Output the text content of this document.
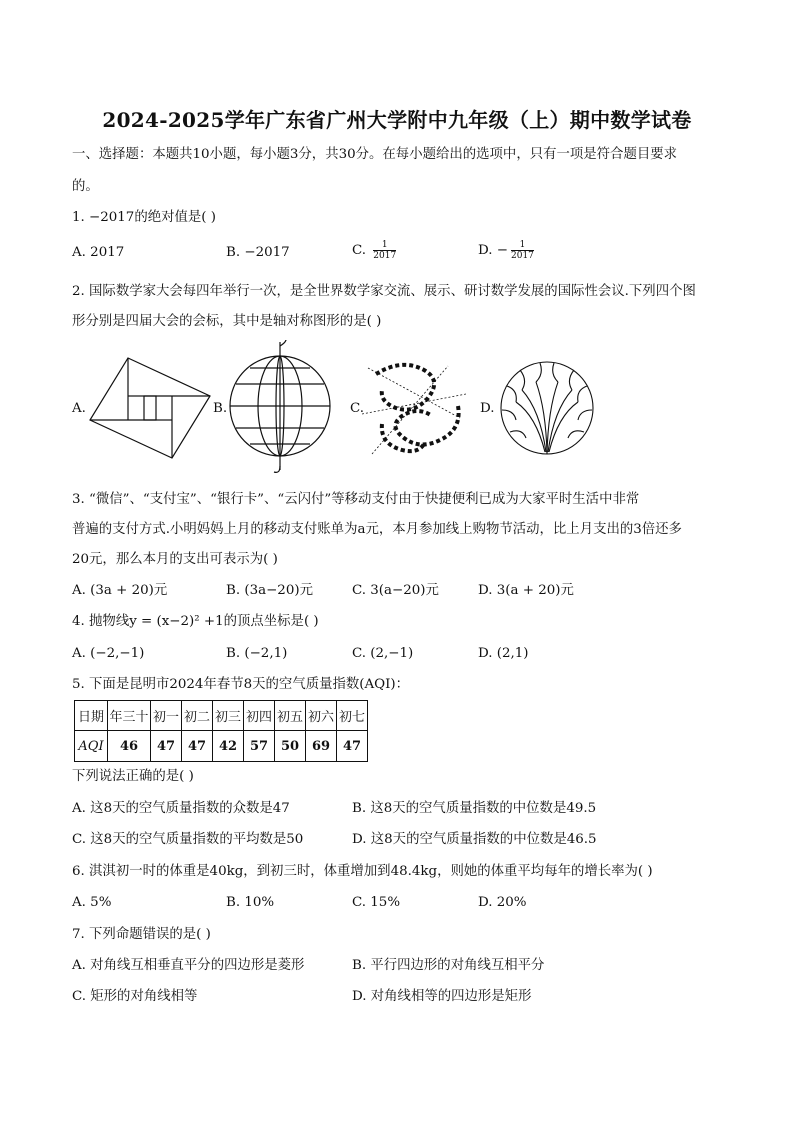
2024-2025学年广东省广州大学附中九年级（上）期中数学试卷
一、选择题：本题共10小题，每小题3分，共30分。在每小题给出的选项中，只有一项是符合题目要求
的。
1. −2017的绝对值是( )
A. 2017	B. −2017	C. $\frac{1}{2017}$	D. − $\frac{1}{2017}$
2. 国际数学家大会每四年举行一次，是全世界数学家交流、展示、研讨数学发展的国际性会议.下列四个图
形分别是四届大会的会标，其中是轴对称图形的是( )
A.	B.	C.	D.
3. “微信”、“支付宝”、“银行卡”、“云闪付”等移动支付由于快捷便利已成为大家平时生活中非常
普遍的支付方式.小明妈妈上月的移动支付账单为a元，本月参加线上购物节活动，比上月支出的3倍还多
20元，那么本月的支出可表示为( )
A. (3a + 20)元	B. (3a−20)元	C. 3(a−20)元	D. 3(a + 20)元
4. 抛物线y = (x−2)² +1的顶点坐标是( )
A. (−2,−1)	B. (−2,1)	C. (2,−1)	D. (2,1)
5. 下面是昆明市2024年春节8天的空气质量指数(AQI)：
日期	年三十	初一	初二	初三	初四	初五	初六	初七
AQI	46	47	47	42	57	50	69	47
下列说法正确的是( )
A. 这8天的空气质量指数的众数是47	B. 这8天的空气质量指数的中位数是49.5
C. 这8天的空气质量指数的平均数是50	D. 这8天的空气质量指数的中位数是46.5
6. 淇淇初一时的体重是40kg，到初三时，体重增加到48.4kg，则她的体重平均每年的增长率为( )
A. 5%	B. 10%	C. 15%	D. 20%
7. 下列命题错误的是( )
A. 对角线互相垂直平分的四边形是菱形	B. 平行四边形的对角线互相平分
C. 矩形的对角线相等	D. 对角线相等的四边形是矩形
